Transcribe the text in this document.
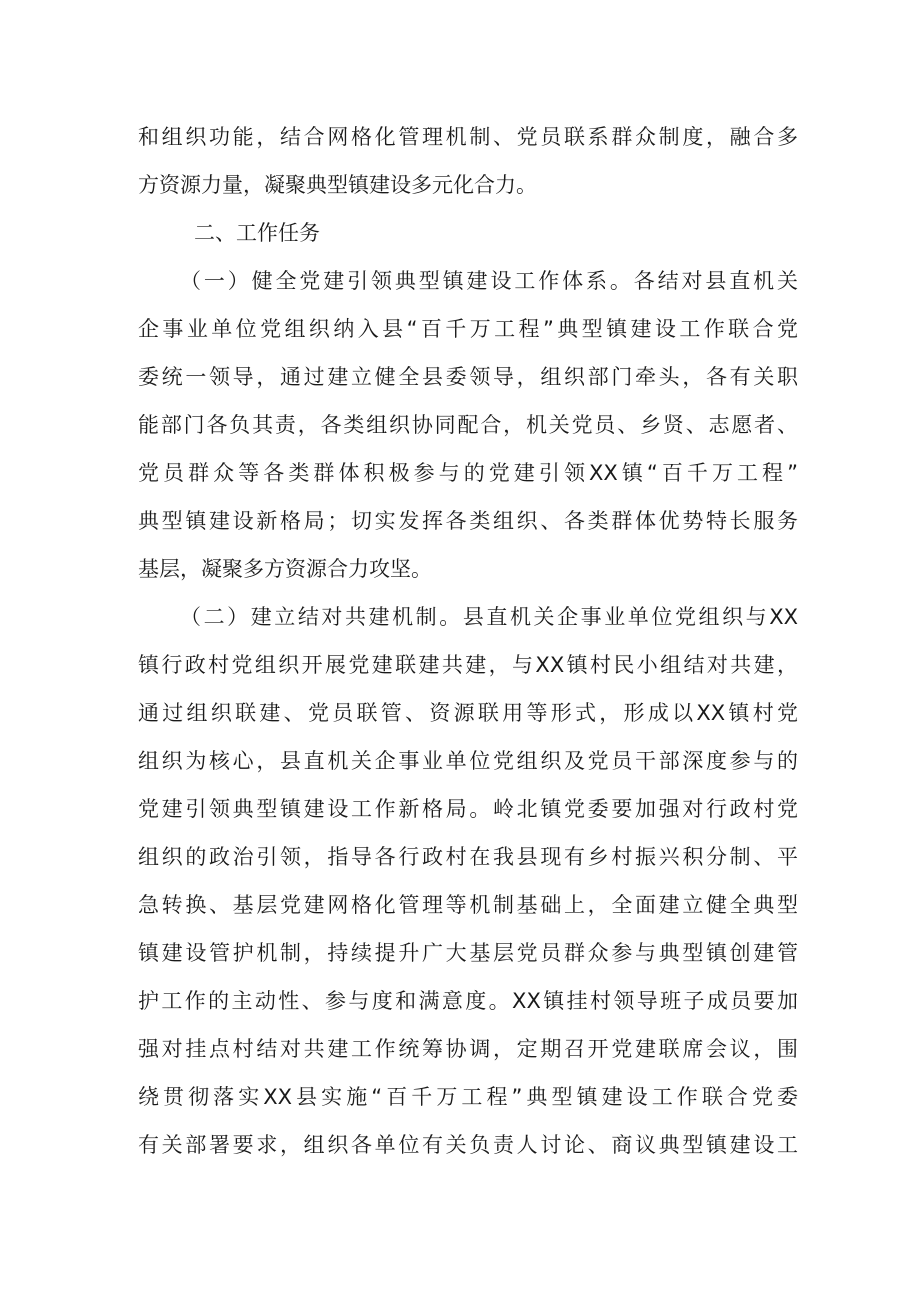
和组织功能，结合网格化管理机制、党员联系群众制度，融合多
方资源力量，凝聚典型镇建设多元化合力。
二、工作任务
（一）健全党建引领典型镇建设工作体系。各结对县直机关
企事业单位党组织纳入县“百千万工程”典型镇建设工作联合党
委统一领导，通过建立健全县委领导，组织部门牵头，各有关职
能部门各负其责，各类组织协同配合，机关党员、乡贤、志愿者、
党员群众等各类群体积极参与的党建引领XX镇“百千万工程”
典型镇建设新格局；切实发挥各类组织、各类群体优势特长服务
基层，凝聚多方资源合力攻坚。
（二）建立结对共建机制。县直机关企事业单位党组织与XX
镇行政村党组织开展党建联建共建，与XX镇村民小组结对共建，
通过组织联建、党员联管、资源联用等形式，形成以XX镇村党
组织为核心，县直机关企事业单位党组织及党员干部深度参与的
党建引领典型镇建设工作新格局。岭北镇党委要加强对行政村党
组织的政治引领，指导各行政村在我县现有乡村振兴积分制、平
急转换、基层党建网格化管理等机制基础上，全面建立健全典型
镇建设管护机制，持续提升广大基层党员群众参与典型镇创建管
护工作的主动性、参与度和满意度。XX镇挂村领导班子成员要加
强对挂点村结对共建工作统筹协调，定期召开党建联席会议，围
绕贯彻落实XX县实施“百千万工程”典型镇建设工作联合党委
有关部署要求，组织各单位有关负责人讨论、商议典型镇建设工
